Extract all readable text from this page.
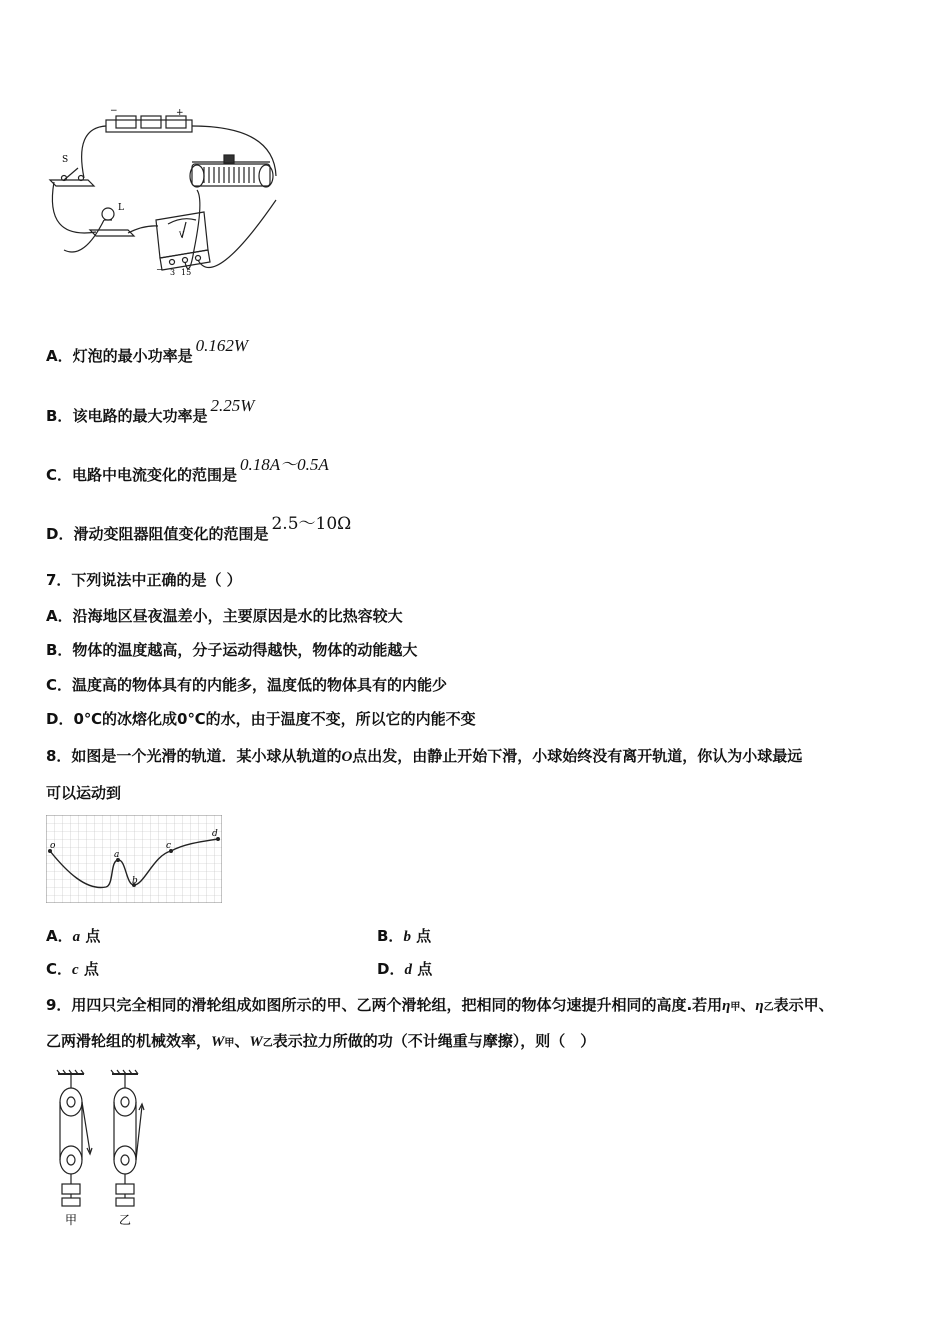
S
L
−	+
V
− 3 15
A．灯泡的最小功率是0.162W
B．该电路的最大功率是2.25W
C．电路中电流变化的范围是0.18A～0.5A
D．滑动变阻器阻值变化的范围是 2.5～10Ω
7．下列说法中正确的是（ ）
A．沿海地区昼夜温差小，主要原因是水的比热容较大
B．物体的温度越高，分子运动得越快，物体的动能越大
C．温度高的物体具有的内能多，温度低的物体具有的内能少
D．0℃的冰熔化成0℃的水，由于温度不变，所以它的内能不变
8．如图是一个光滑的轨道．某小球从轨道的O点出发，由静止开始下滑，小球始终没有离开轨道，你认为小球最远
可以运动到
o
a
b
c
d
A．a 点	B．b 点
C．c 点	D．d 点
9．用四只完全相同的滑轮组成如图所示的甲、乙两个滑轮组，把相同的物体匀速提升相同的高度.若用η甲、η乙表示甲、
乙两滑轮组的机械效率，W甲、W乙表示拉力所做的功（不计绳重与摩擦），则（　）
甲	乙
